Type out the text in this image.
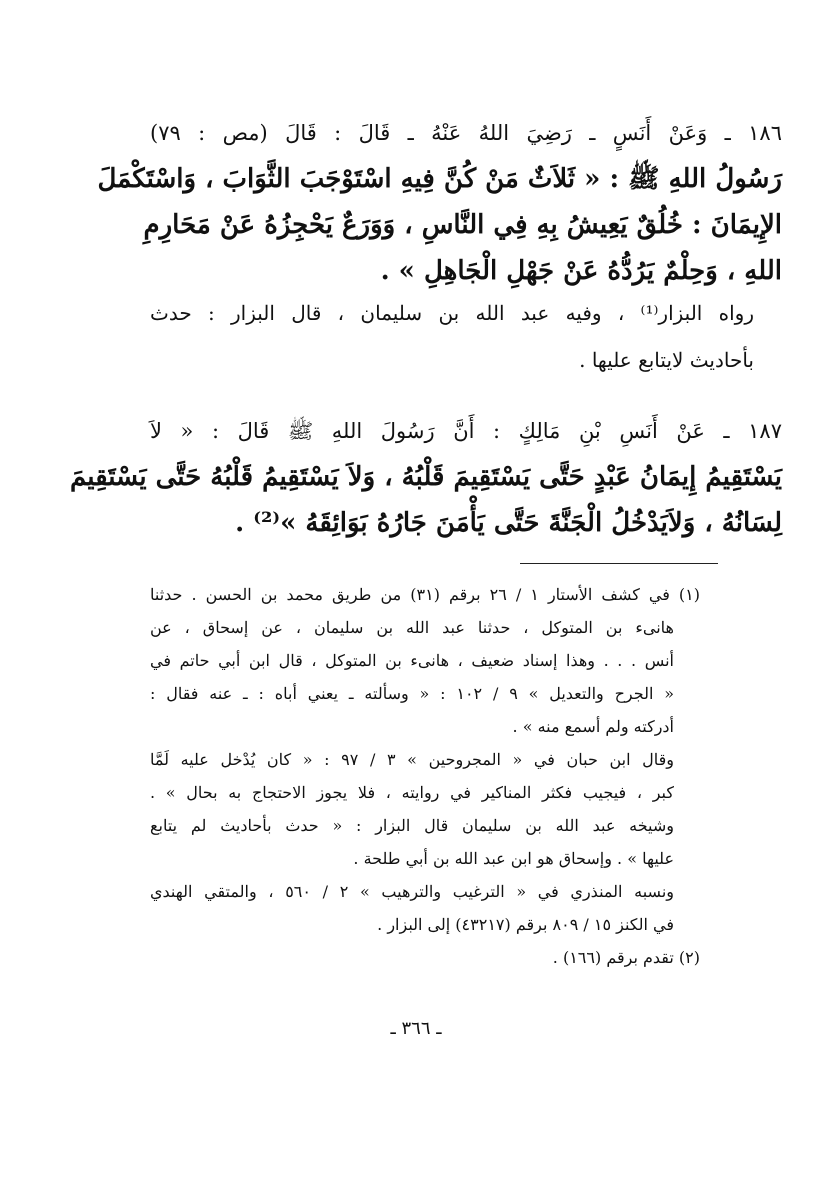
١٨٦ ـ وَعَنْ أَنَسٍ ـ رَضِيَ اللهُ عَنْهُ ـ قَالَ : قَالَ (مص : ٧٩)
رَسُولُ اللهِ ﷺ : « ثَلاَثٌ مَنْ كُنَّ فِيهِ اسْتَوْجَبَ الثَّوَابَ ، وَاسْتَكْمَلَ
الإِيمَانَ : خُلُقٌ يَعِيشُ بِهِ فِي النَّاسِ ، وَوَرَعٌ يَحْجِزُهُ عَنْ مَحَارِمِ
اللهِ ، وَحِلْمٌ يَرُدُّهُ عَنْ جَهْلِ الْجَاهِلِ » .
رواه البزار⁽¹⁾ ، وفيه عبد الله بن سليمان ، قال البزار : حدث
بأحاديث لايتابع عليها .
١٨٧ ـ عَنْ أَنَسِ بْنِ مَالِكٍ : أَنَّ رَسُولَ اللهِ ﷺ قَالَ : « لاَ
يَسْتَقِيمُ إِيمَانُ عَبْدٍ حَتَّى يَسْتَقِيمَ قَلْبُهُ ، وَلاَ يَسْتَقِيمُ قَلْبُهُ حَتَّى يَسْتَقِيمَ
لِسَانُهُ ، وَلاَيَدْخُلُ الْجَنَّةَ حَتَّى يَأْمَنَ جَارُهُ بَوَائِقَهُ »⁽²⁾ .
(١) في كشف الأستار ١ / ٢٦ برقم (٣١) من طريق محمد بن الحسن . حدثنا
هانىء بن المتوكل ، حدثنا عبد الله بن سليمان ، عن إسحاق ، عن
أنس . . . وهذا إسناد ضعيف ، هانىء بن المتوكل ، قال ابن أبي حاتم في
« الجرح والتعديل » ٩ / ١٠٢ : « وسألته ـ يعني أباه : ـ عنه فقال :
أدركته ولم أسمع منه » .
وقال ابن حبان في « المجروحين » ٣ / ٩٧ : « كان يُدْخل عليه لَمَّا
كبر ، فيجيب فكثر المناكير في روايته ، فلا يجوز الاحتجاج به بحال » .
وشيخه عبد الله بن سليمان قال البزار : « حدث بأحاديث لم يتابع
عليها » . وإسحاق هو ابن عبد الله بن أبي طلحة .
ونسبه المنذري في « الترغيب والترهيب » ٢ / ٥٦٠ ، والمتقي الهندي
في الكنز ١٥ / ٨٠٩ برقم (٤٣٢١٧) إلى البزار .
(٢) تقدم برقم (١٦٦) .
ـ ٣٦٦ ـ
